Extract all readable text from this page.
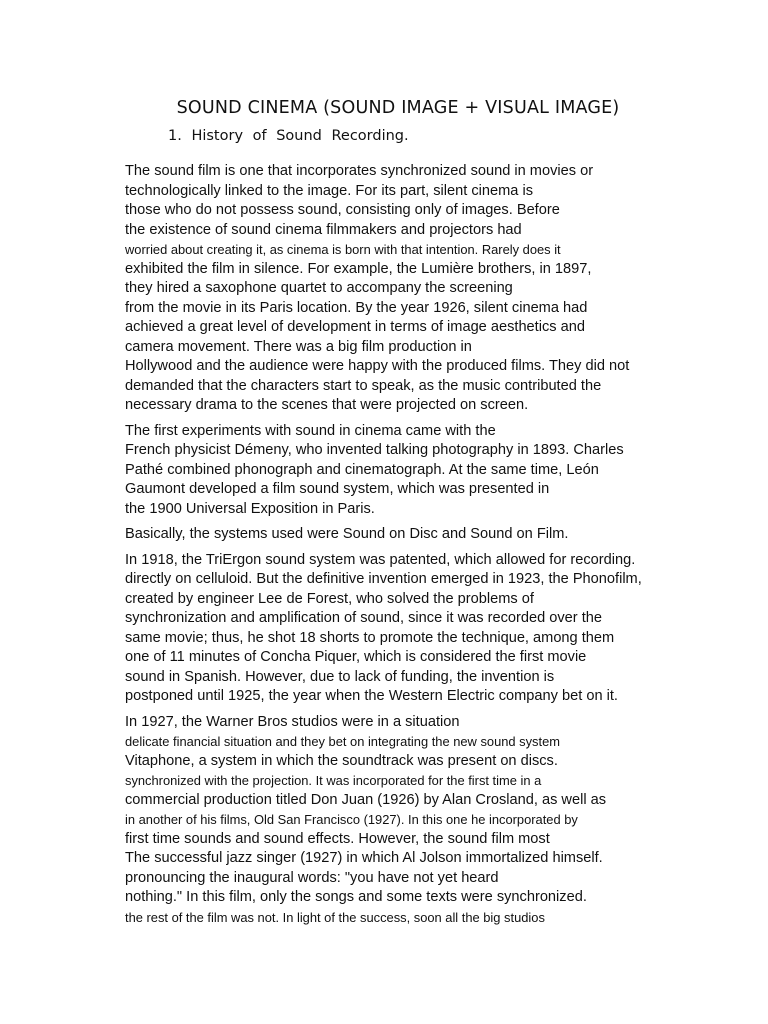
SOUND CINEMA (SOUND IMAGE + VISUAL IMAGE)
1. History of Sound Recording.
The sound film is one that incorporates synchronized sound in movies or
technologically linked to the image. For its part, silent cinema is
those who do not possess sound, consisting only of images. Before
the existence of sound cinema filmmakers and projectors had
worried about creating it, as cinema is born with that intention. Rarely does it
exhibited the film in silence. For example, the Lumière brothers, in 1897,
they hired a saxophone quartet to accompany the screening
from the movie in its Paris location. By the year 1926, silent cinema had
achieved a great level of development in terms of image aesthetics and
camera movement. There was a big film production in
Hollywood and the audience were happy with the produced films. They did not
demanded that the characters start to speak, as the music contributed the
necessary drama to the scenes that were projected on screen.
The first experiments with sound in cinema came with the
French physicist Démeny, who invented talking photography in 1893. Charles
Pathé combined phonograph and cinematograph. At the same time, León
Gaumont developed a film sound system, which was presented in
the 1900 Universal Exposition in Paris.
Basically, the systems used were Sound on Disc and Sound on Film.
In 1918, the TriErgon sound system was patented, which allowed for recording.
directly on celluloid. But the definitive invention emerged in 1923, the Phonofilm,
created by engineer Lee de Forest, who solved the problems of
synchronization and amplification of sound, since it was recorded over the
same movie; thus, he shot 18 shorts to promote the technique, among them
one of 11 minutes of Concha Piquer, which is considered the first movie
sound in Spanish. However, due to lack of funding, the invention is
postponed until 1925, the year when the Western Electric company bet on it.
In 1927, the Warner Bros studios were in a situation
delicate financial situation and they bet on integrating the new sound system
Vitaphone, a system in which the soundtrack was present on discs.
synchronized with the projection. It was incorporated for the first time in a
commercial production titled Don Juan (1926) by Alan Crosland, as well as
in another of his films, Old San Francisco (1927). In this one he incorporated by
first time sounds and sound effects. However, the sound film most
The successful jazz singer (1927) in which Al Jolson immortalized himself.
pronouncing the inaugural words: "you have not yet heard
nothing." In this film, only the songs and some texts were synchronized.
the rest of the film was not. In light of the success, soon all the big studios
